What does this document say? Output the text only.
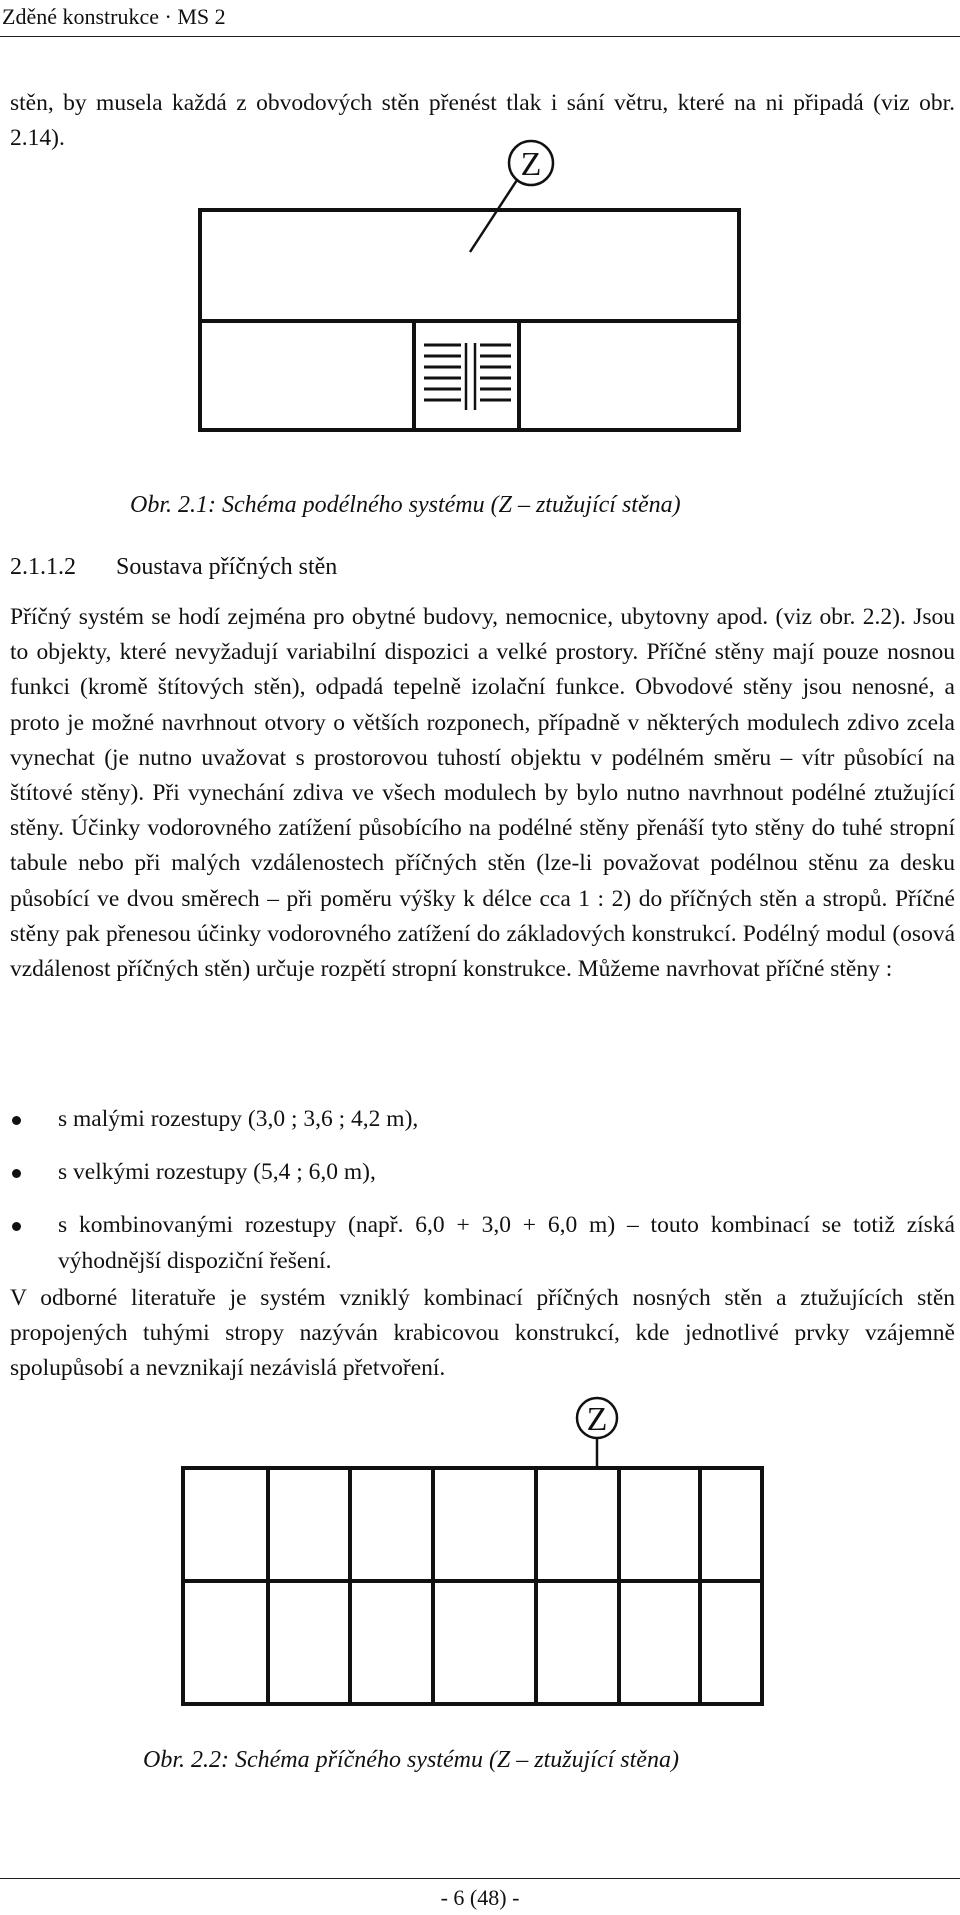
Zděné konstrukce · MS 2

stěn, by musela každá z obvodových stěn přenést tlak i sání větru, které na ni připadá (viz obr. 2.14).

Z
Obr. 2.1: Schéma podélného systému (Z – ztužující stěna)
2.1.1.2 Soustava příčných stěn

Příčný systém se hodí zejména pro obytné budovy, nemocnice, ubytovny apod. (viz obr. 2.2). Jsou to objekty, které nevyžadují variabilní dispozici a velké prostory. Příčné stěny mají pouze nosnou funkci (kromě štítových stěn), odpadá tepelně izolační funkce. Obvodové stěny jsou nenosné, a proto je možné navrhnout otvory o větších rozponech, případně v některých modulech zdivo zcela vynechat (je nutno uvažovat s prostorovou tuhostí objektu v podélném směru – vítr působící na štítové stěny). Při vynechání zdiva ve všech modulech by bylo nutno navrhnout podélné ztužující stěny. Účinky vodorovného zatížení působícího na podélné stěny přenáší tyto stěny do tuhé stropní tabule nebo při malých vzdálenostech příčných stěn (lze-li považovat podélnou stěnu za desku působící ve dvou směrech – při poměru výšky k délce cca 1 : 2) do příčných stěn a stropů. Příčné stěny pak přenesou účinky vodorovného zatížení do základových konstrukcí. Podélný modul (osová vzdálenost příčných stěn) určuje rozpětí stropní konstrukce. Můžeme navrhovat příčné stěny :

s malými rozestupy (3,0 ; 3,6 ; 4,2 m),
s velkými rozestupy (5,4 ; 6,0 m),
s kombinovanými rozestupy (např. 6,0 + 3,0 + 6,0 m) – touto kombinací se totiž získá výhodnější dispoziční řešení.

V odborné literatuře je systém vzniklý kombinací příčných nosných stěn a ztužujících stěn propojených tuhými stropy nazýván krabicovou konstrukcí, kde jednotlivé prvky vzájemně spolupůsobí a nevznikají nezávislá přetvoření.

Z
Obr. 2.2: Schéma příčného systému (Z – ztužující stěna)
- 6 (48) -
